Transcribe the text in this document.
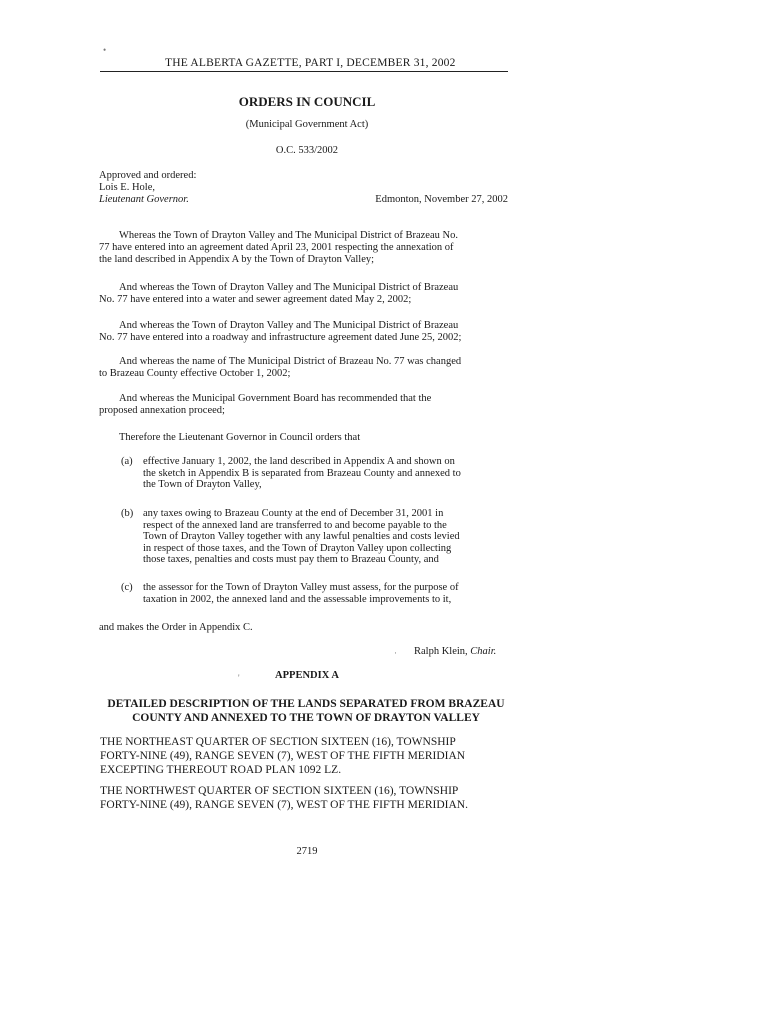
THE ALBERTA GAZETTE, PART I, DECEMBER 31, 2002
ORDERS IN COUNCIL
(Municipal Government Act)
O.C. 533/2002
Approved and ordered:
Lois E. Hole,
Lieutenant Governor.	Edmonton, November 27, 2002
Whereas the Town of Drayton Valley and The Municipal District of Brazeau No.
77 have entered into an agreement dated April 23, 2001 respecting the annexation of
the land described in Appendix A by the Town of Drayton Valley;
And whereas the Town of Drayton Valley and The Municipal District of Brazeau
No. 77 have entered into a water and sewer agreement dated May 2, 2002;
And whereas the Town of Drayton Valley and The Municipal District of Brazeau
No. 77 have entered into a roadway and infrastructure agreement dated June 25, 2002;
And whereas the name of The Municipal District of Brazeau No. 77 was changed
to Brazeau County effective October 1, 2002;
And whereas the Municipal Government Board has recommended that the
proposed annexation proceed;
Therefore the Lieutenant Governor in Council orders that
(a) effective January 1, 2002, the land described in Appendix A and shown on
the sketch in Appendix B is separated from Brazeau County and annexed to
the Town of Drayton Valley,
(b) any taxes owing to Brazeau County at the end of December 31, 2001 in
respect of the annexed land are transferred to and become payable to the
Town of Drayton Valley together with any lawful penalties and costs levied
in respect of those taxes, and the Town of Drayton Valley upon collecting
those taxes, penalties and costs must pay them to Brazeau County, and
(c) the assessor for the Town of Drayton Valley must assess, for the purpose of
taxation in 2002, the annexed land and the assessable improvements to it,
and makes the Order in Appendix C.
Ralph Klein, Chair.
APPENDIX A
DETAILED DESCRIPTION OF THE LANDS SEPARATED FROM BRAZEAU
COUNTY AND ANNEXED TO THE TOWN OF DRAYTON VALLEY
THE NORTHEAST QUARTER OF SECTION SIXTEEN (16), TOWNSHIP
FORTY-NINE (49), RANGE SEVEN (7), WEST OF THE FIFTH MERIDIAN
EXCEPTING THEREOUT ROAD PLAN 1092 LZ.
THE NORTHWEST QUARTER OF SECTION SIXTEEN (16), TOWNSHIP
FORTY-NINE (49), RANGE SEVEN (7), WEST OF THE FIFTH MERIDIAN.
2719
•
'
·
